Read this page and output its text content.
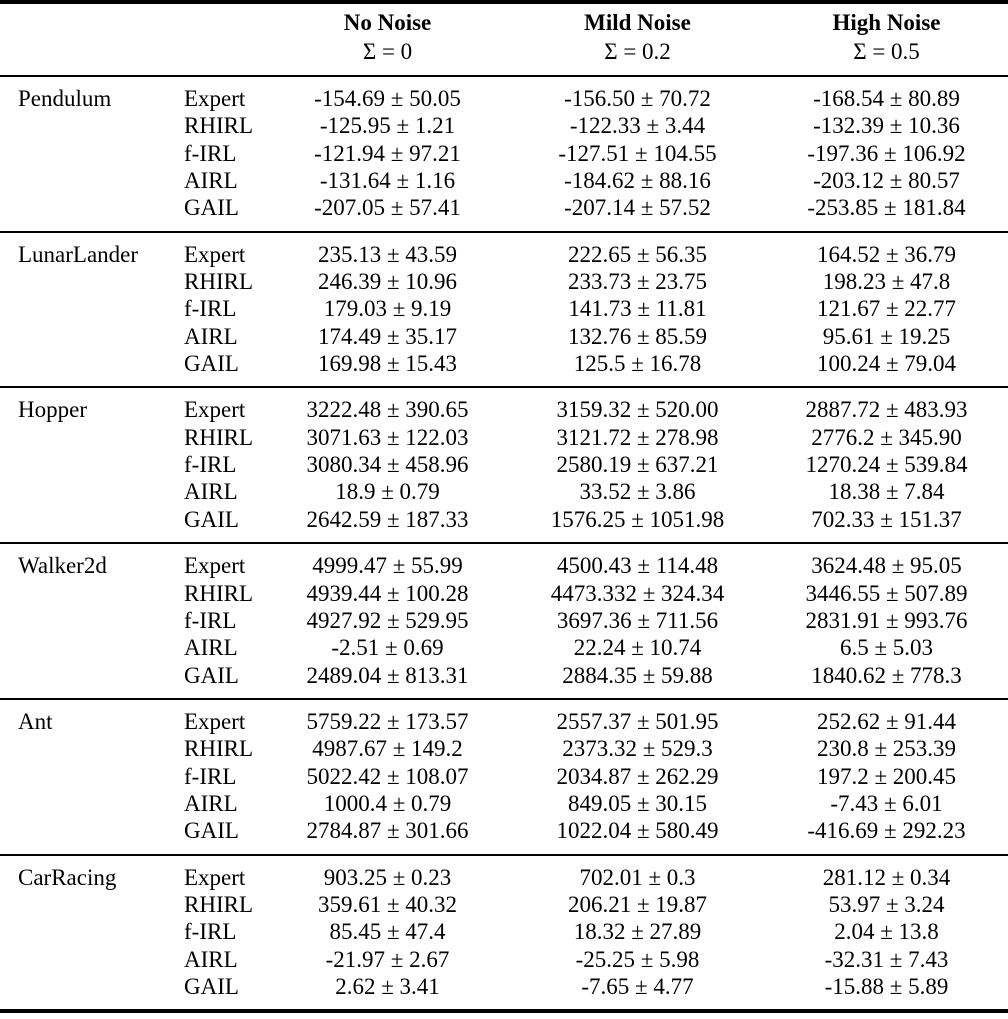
No Noise
Σ = 0

Mild Noise
Σ = 0.2

High Noise
Σ = 0.5

Pendulum	Expert	-154.69 ± 50.05	-156.50 ± 70.72	-168.54 ± 80.89
	RHIRL	-125.95 ± 1.21	-122.33 ± 3.44	-132.39 ± 10.36
	f-IRL	-121.94 ± 97.21	-127.51 ± 104.55	-197.36 ± 106.92
	AIRL	-131.64 ± 1.16	-184.62 ± 88.16	-203.12 ± 80.57
	GAIL	-207.05 ± 57.41	-207.14 ± 57.52	-253.85 ± 181.84
LunarLander	Expert	235.13 ± 43.59	222.65 ± 56.35	164.52 ± 36.79
	RHIRL	246.39 ± 10.96	233.73 ± 23.75	198.23 ± 47.8
	f-IRL	179.03 ± 9.19	141.73 ± 11.81	121.67 ± 22.77
	AIRL	174.49 ± 35.17	132.76 ± 85.59	95.61 ± 19.25
	GAIL	169.98 ± 15.43	125.5 ± 16.78	100.24 ± 79.04
Hopper	Expert	3222.48 ± 390.65	3159.32 ± 520.00	2887.72 ± 483.93
	RHIRL	3071.63 ± 122.03	3121.72 ± 278.98	2776.2 ± 345.90
	f-IRL	3080.34 ± 458.96	2580.19 ± 637.21	1270.24 ± 539.84
	AIRL	18.9 ± 0.79	33.52 ± 3.86	18.38 ± 7.84
	GAIL	2642.59 ± 187.33	1576.25 ± 1051.98	702.33 ± 151.37
Walker2d	Expert	4999.47 ± 55.99	4500.43 ± 114.48	3624.48 ± 95.05
	RHIRL	4939.44 ± 100.28	4473.332 ± 324.34	3446.55 ± 507.89
	f-IRL	4927.92 ± 529.95	3697.36 ± 711.56	2831.91 ± 993.76
	AIRL	-2.51 ± 0.69	22.24 ± 10.74	6.5 ± 5.03
	GAIL	2489.04 ± 813.31	2884.35 ± 59.88	1840.62 ± 778.3
Ant	Expert	5759.22 ± 173.57	2557.37 ± 501.95	252.62 ± 91.44
	RHIRL	4987.67 ± 149.2	2373.32 ± 529.3	230.8 ± 253.39
	f-IRL	5022.42 ± 108.07	2034.87 ± 262.29	197.2 ± 200.45
	AIRL	1000.4 ± 0.79	849.05 ± 30.15	-7.43 ± 6.01
	GAIL	2784.87 ± 301.66	1022.04 ± 580.49	-416.69 ± 292.23
CarRacing	Expert	903.25 ± 0.23	702.01 ± 0.3	281.12 ± 0.34
	RHIRL	359.61 ± 40.32	206.21 ± 19.87	53.97 ± 3.24
	f-IRL	85.45 ± 47.4	18.32 ± 27.89	2.04 ± 13.8
	AIRL	-21.97 ± 2.67	-25.25 ± 5.98	-32.31 ± 7.43
	GAIL	2.62 ± 3.41	-7.65 ± 4.77	-15.88 ± 5.89
